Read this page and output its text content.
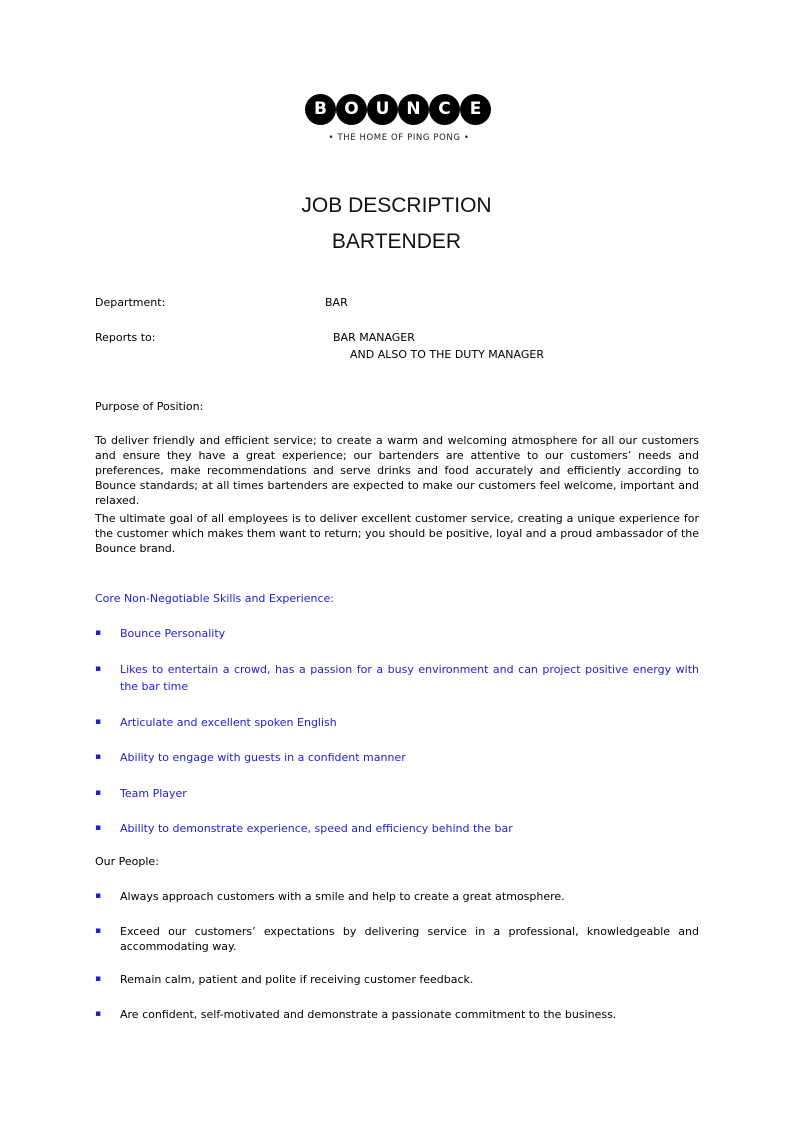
B	O U N	C	E
• THE HOME OF PING PONG •
JOB DESCRIPTION
BARTENDER
Department:	BAR
Reports to:	BAR MANAGER
AND ALSO TO THE DUTY MANAGER
Purpose of Position:
To deliver friendly and efficient service; to create a warm and welcoming atmosphere for all our customers and ensure they have a great experience; our bartenders are attentive to our customers’ needs and preferences, make recommendations and serve drinks and food accurately and efficiently according to Bounce standards; at all times bartenders are expected to make our customers feel welcome, important and relaxed.
The ultimate goal of all employees is to deliver excellent customer service, creating a unique experience for the customer which makes them want to return; you should be positive, loyal and a proud ambassador of the Bounce brand.
Core Non-Negotiable Skills and Experience:
▪ Bounce Personality
▪ Likes to entertain a crowd, has a passion for a busy environment and can project positive energy with the bar time
▪ Articulate and excellent spoken English
▪ Ability to engage with guests in a confident manner
▪ Team Player
▪ Ability to demonstrate experience, speed and efficiency behind the bar
Our People:
▪ Always approach customers with a smile and help to create a great atmosphere.
▪ Exceed our customers’ expectations by delivering service in a professional, knowledgeable and accommodating way.
▪ Remain calm, patient and polite if receiving customer feedback.
▪ Are confident, self-motivated and demonstrate a passionate commitment to the business.
